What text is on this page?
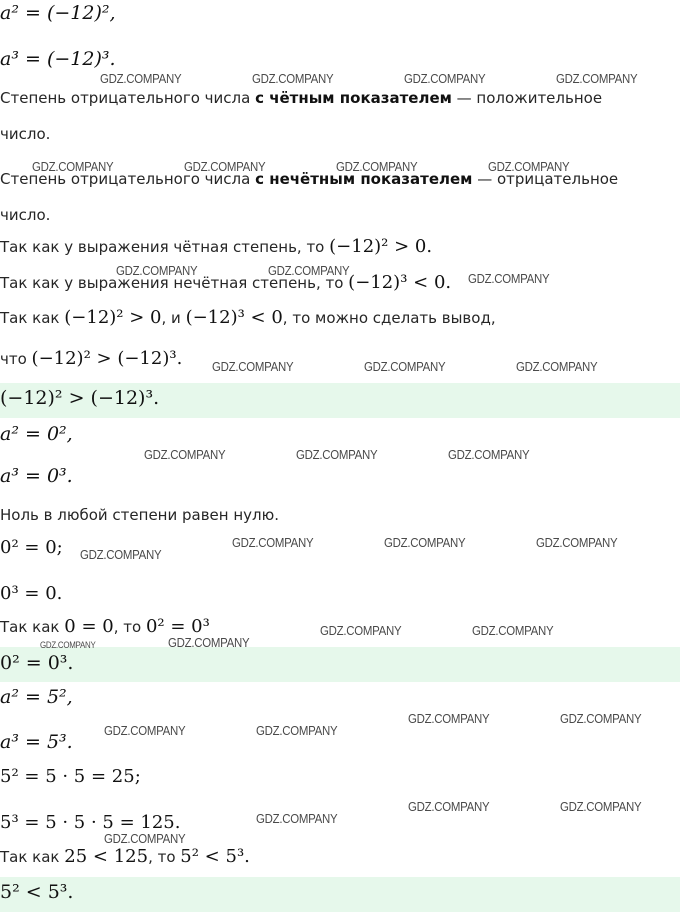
a² = (−12)²,
a³ = (−12)³.
Степень отрицательного числа с чётным показателем — положительное
число.
Степень отрицательного числа с нечётным показателем — отрицательное
число.
Так как у выражения чётная степень, то (−12)² > 0.
Так как у выражения нечётная степень, то (−12)³ < 0.
Так как (−12)² > 0, и (−12)³ < 0, то можно сделать вывод,
что (−12)² > (−12)³.
(−12)² > (−12)³.
a² = 0²,
a³ = 0³.
Ноль в любой степени равен нулю.
0² = 0;
0³ = 0.
Так как 0 = 0, то 0² = 0³
0² = 0³.
a² = 5²,
a³ = 5³.
5² = 5 · 5 = 25;
5³ = 5 · 5 · 5 = 125.
Так как 25 < 125, то 5² < 5³.
5² < 5³.
GDZ.COMPANY	GDZ.COMPANY	GDZ.COMPANY	GDZ.COMPANY
GDZ.COMPANY	GDZ.COMPANY	GDZ.COMPANY	GDZ.COMPANY
GDZ.COMPANY	GDZ.COMPANY
GDZ.COMPANY
GDZ.COMPANY	GDZ.COMPANY	GDZ.COMPANY
GDZ.COMPANY	GDZ.COMPANY	GDZ.COMPANY
GDZ.COMPANY
GDZ.COMPANY	GDZ.COMPANY	GDZ.COMPANY
GDZ.COMPANY	GDZ.COMPANY
GDZ.COMPANY	GDZ.COMPANY
GDZ.COMPANY	GDZ.COMPANY
GDZ.COMPANY	GDZ.COMPANY
GDZ.COMPANY	GDZ.COMPANY
GDZ.COMPANY
GDZ.COMPANY
